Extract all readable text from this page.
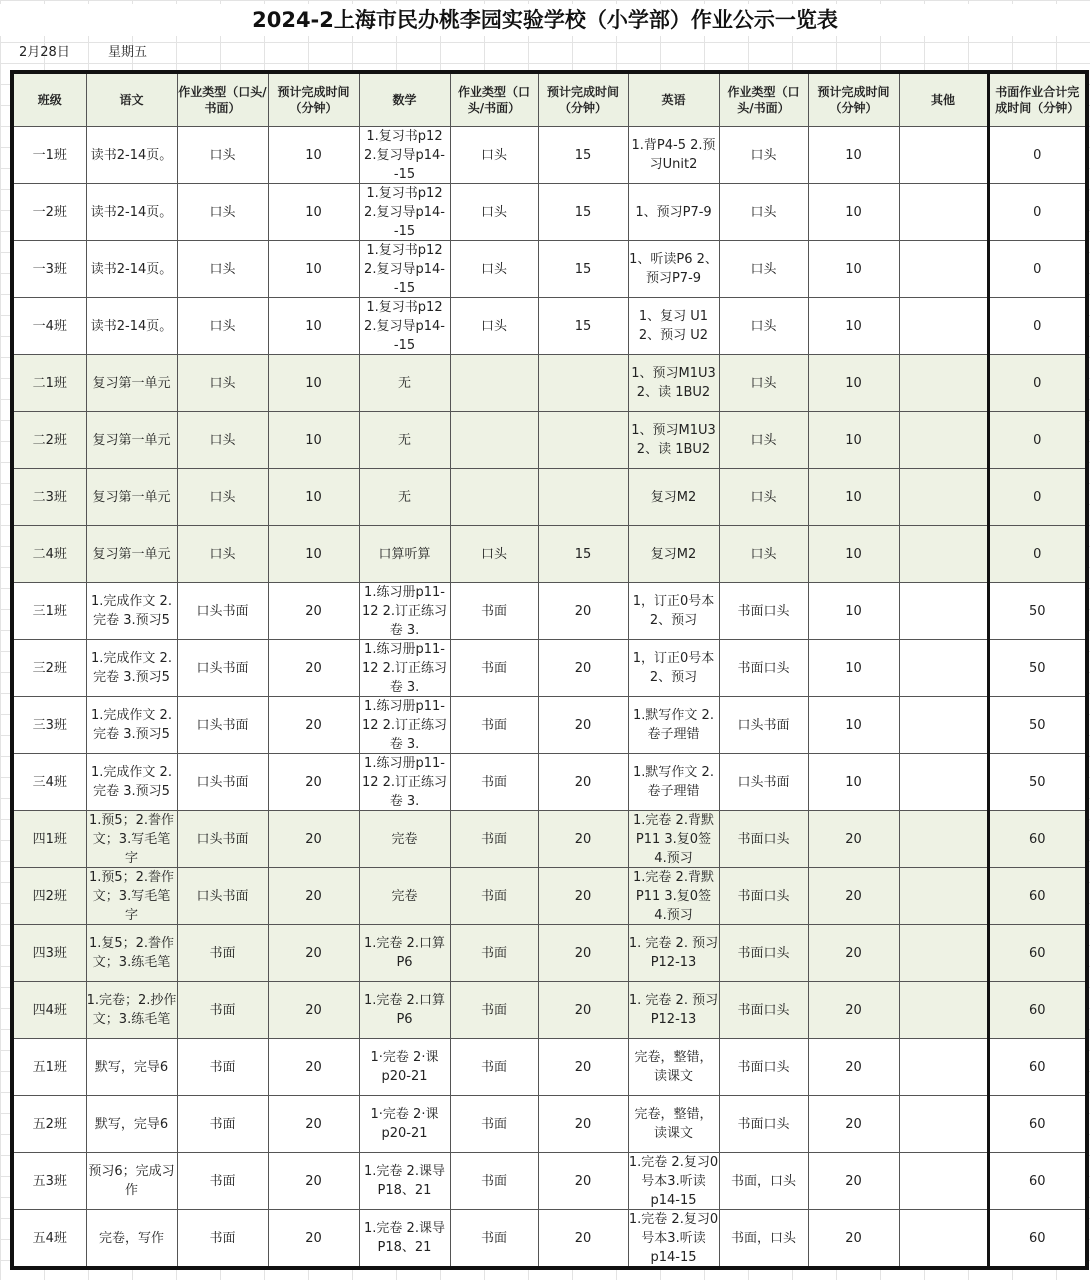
2024-2上海市民办桃李园实验学校（小学部）作业公示一览表
2月28日	星期五
班级	语文	作业类型（口头/书面）	预计完成时间（分钟）	数学	作业类型（口头/书面）	预计完成时间（分钟）	英语	作业类型（口头/书面）	预计完成时间（分钟）	其他	书面作业合计完成时间（分钟）

一1班	读书2-14页。	口头	10	1.复习书p12 2.复习导p14--15	口头	15	1.背P4-5 2.预习Unit2	口头	10		0

一2班	读书2-14页。	口头	10	1.复习书p12 2.复习导p14--15	口头	15	1、预习P7-9	口头	10		0

一3班	读书2-14页。	口头	10	1.复习书p12 2.复习导p14--15	口头	15	1、听读P6 2、预习P7-9	口头	10		0

一4班	读书2-14页。	口头	10	1.复习书p12 2.复习导p14--15	口头	15	1、复习 U1 2、预习 U2	口头	10		0

二1班	复习第一单元	口头	10	无			1、预习M1U3 2、读 1BU2	口头	10		0

二2班	复习第一单元	口头	10	无			1、预习M1U3 2、读 1BU2	口头	10		0

二3班	复习第一单元	口头	10	无			复习M2	口头	10		0

二4班	复习第一单元	口头	10	口算听算	口头	15	复习M2	口头	10		0

三1班	1.完成作文 2.完卷 3.预习5	口头书面	20	1.练习册p11-12 2.订正练习卷 3.	书面	20	1，订正0号本 2、预习	书面口头	10		50

三2班	1.完成作文 2.完卷 3.预习5	口头书面	20	1.练习册p11-12 2.订正练习卷 3.	书面	20	1，订正0号本 2、预习	书面口头	10		50

三3班	1.完成作文 2.完卷 3.预习5	口头书面	20	1.练习册p11-12 2.订正练习卷 3.	书面	20	1.默写作文 2.卷子理错	口头书面	10		50

三4班	1.完成作文 2.完卷 3.预习5	口头书面	20	1.练习册p11-12 2.订正练习卷 3.	书面	20	1.默写作文 2.卷子理错	口头书面	10		50

四1班	1.预5；2.誊作文；3.写毛笔字	口头书面	20	完卷	书面	20	1.完卷 2.背默P11 3.复0签 4.预习	书面口头	20		60

四2班	1.预5；2.誊作文；3.写毛笔字	口头书面	20	完卷	书面	20	1.完卷 2.背默P11 3.复0签 4.预习	书面口头	20		60

四3班	1.复5；2.誊作文；3.练毛笔	书面	20	1.完卷 2.口算P6	书面	20	1. 完卷 2. 预习P12-13	书面口头	20		60

四4班	1.完卷；2.抄作文；3.练毛笔	书面	20	1.完卷 2.口算P6	书面	20	1. 完卷 2. 预习P12-13	书面口头	20		60

五1班	默写，完导6	书面	20	1·完卷 2·课p20-21	书面	20	完卷，整错，读课文	书面口头	20		60

五2班	默写，完导6	书面	20	1·完卷 2·课p20-21	书面	20	完卷，整错，读课文	书面口头	20		60

五3班	预习6；完成习作	书面	20	1.完卷 2.课导P18、21	书面	20	1.完卷 2.复习0号本3.听读p14-15	书面，口头	20		60

五4班	完卷，写作	书面	20	1.完卷 2.课导P18、21	书面	20	1.完卷 2.复习0号本3.听读p14-15	书面，口头	20		60
